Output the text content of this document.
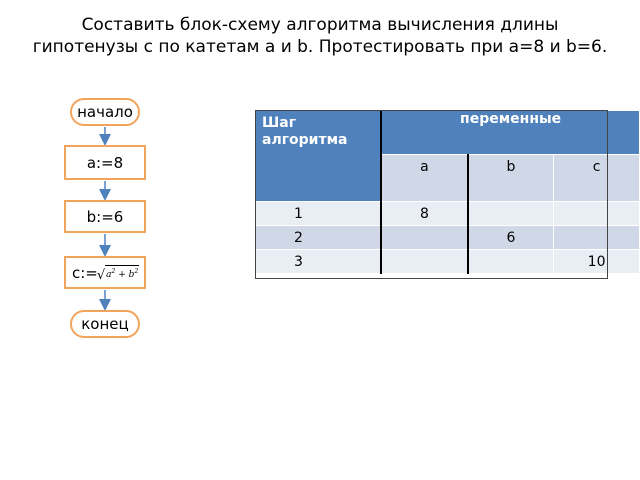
Составить блок-схему алгоритма вычисления длины гипотенузы с по катетам a и b. Протестировать при a=8 и b=6.
начало
a:=8
b:=6
c:= √ $a^2 + b^2$
конец
Шаг алгоритма	переменные		
	a	b	c
1	8		
2		6	
3			10
